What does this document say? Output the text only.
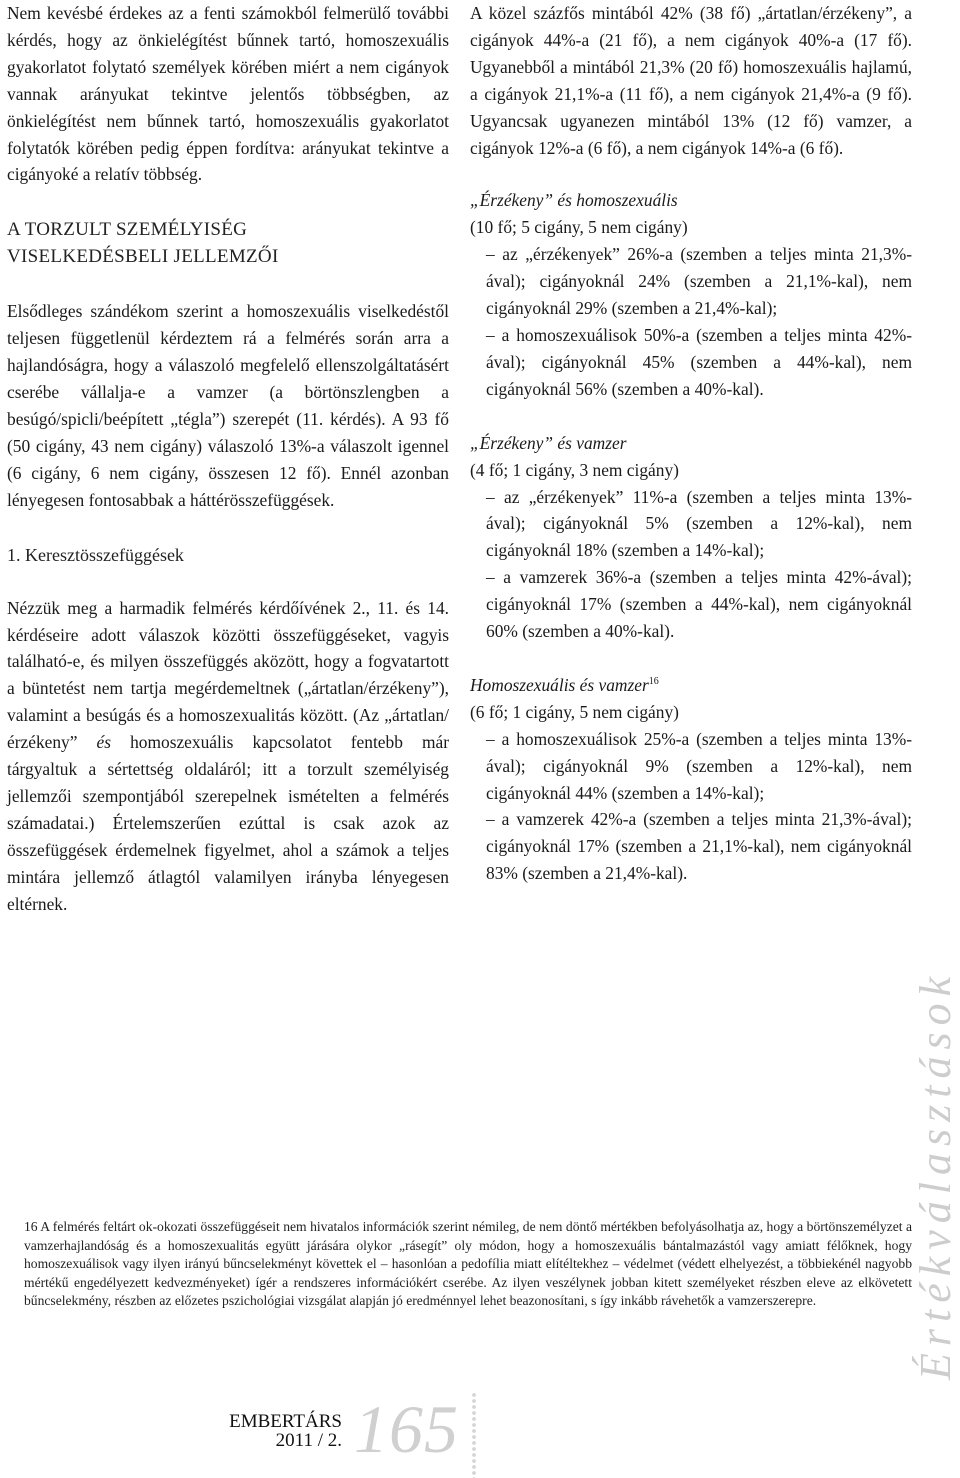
Nem kevésbé érdekes az a fenti számokból felmerülő további kérdés, hogy az önkielégítést bűnnek tartó, homoszexuális gyakorlatot folytató személyek körében miért a nem cigányok vannak arányukat tekintve jelentős többségben, az önkielégítést nem bűnnek tartó, homoszexuális gyakorlatot folytatók körében pedig éppen fordítva: arányukat tekintve a cigányoké a relatív többség.

A TORZULT SZEMÉLYISÉG

VISELKEDÉSBELI JELLEMZŐI

Elsődleges szándékom szerint a homoszexuális viselkedéstől teljesen függetlenül kérdeztem rá a felmérés során arra a hajlandóságra, hogy a válaszoló megfelelő ellenszolgáltatásért cserébe vállalja-e a vamzer (a börtönszlengben a besúgó/spicli/beépített „tégla”) szerepét (11. kérdés). A 93 fő (50 cigány, 43 nem cigány) válaszoló 13%-a válaszolt igennel (6 cigány, 6 nem cigány, összesen 12 fő). Ennél azonban lényegesen fontosabbak a háttérösszefüggések.

1. Keresztösszefüggések

Nézzük meg a harmadik felmérés kérdőívének 2., 11. és 14. kérdéseire adott válaszok közötti összefüggéseket, vagyis található-e, és milyen összefüggés aközött, hogy a fogvatartott a büntetést nem tartja megérdemeltnek („ártatlan/érzékeny”), valamint a besúgás és a homoszexualitás között. (Az „ártatlan/érzékeny” és homoszexuális kapcsolatot fentebb már tárgyaltuk a sértettség oldaláról; itt a torzult személyiség jellemzői szempontjából szerepelnek ismételten a felmérés számadatai.) Értelemszerűen ezúttal is csak azok az összefüggések érdemelnek figyelmet, ahol a számok a teljes mintára jellemző átlagtól valamilyen irányba lényegesen eltérnek.

A közel százfős mintából 42% (38 fő) „ártatlan/érzékeny”, a cigányok 44%-a (21 fő), a nem cigányok 40%-a (17 fő). Ugyanebből a mintából 21,3% (20 fő) homoszexuális hajlamú, a cigányok 21,1%-a (11 fő), a nem cigányok 21,4%-a (9 fő). Ugyancsak ugyanezen mintából 13% (12 fő) vamzer, a cigányok 12%-a (6 fő), a nem cigányok 14%-a (6 fő).

„Érzékeny” és homoszexuális

(10 fő; 5 cigány, 5 nem cigány)

– az „érzékenyek” 26%-a (szemben a teljes minta 21,3%-ával); cigányoknál 24% (szemben a 21,1%-kal), nem cigányoknál 29% (szemben a 21,4%-kal);
– a homoszexuálisok 50%-a (szemben a teljes minta 42%-ával); cigányoknál 45% (szemben a 44%-kal), nem cigányoknál 56% (szemben a 40%-kal).

„Érzékeny” és vamzer

(4 fő; 1 cigány, 3 nem cigány)

– az „érzékenyek” 11%-a (szemben a teljes minta 13%-ával); cigányoknál 5% (szemben a 12%-kal), nem cigányoknál 18% (szemben a 14%-kal);
– a vamzerek 36%-a (szemben a teljes minta 42%-ával); cigányoknál 17% (szemben a 44%-kal), nem cigányoknál 60% (szemben a 40%-kal).

Homoszexuális és vamzer$^{16}$

(6 fő; 1 cigány, 5 nem cigány)

– a homoszexuálisok 25%-a (szemben a teljes minta 13%-ával); cigányoknál 9% (szemben a 12%-kal), nem cigányoknál 44% (szemben a 14%-kal);
– a vamzerek 42%-a (szemben a teljes minta 21,3%-ával); cigányoknál 17% (szemben a 21,1%-kal), nem cigányoknál 83% (szemben a 21,4%-kal).

16 A felmérés feltárt ok-okozati összefüggéseit nem hivatalos információk szerint némileg, de nem döntő mértékben befolyásolhatja az, hogy a börtönszemélyzet a vamzerhajlandóság és a homoszexualitás együtt járására olykor „rásegít” oly módon, hogy a homoszexuális bántalmazástól vagy amiatt félőknek, hogy homoszexuálisok vagy ilyen irányú bűncselekményt követtek el – hasonlóan a pedofília miatt elítéltekhez – védelmet (védett elhelyezést, a többiekénél nagyobb mértékű engedélyezett kedvezményeket) ígér a rendszeres információkért cserébe. Az ilyen veszélynek jobban kitett személyeket részben eleve az elkövetett bűncselekmény, részben az előzetes pszichológiai vizsgálat alapján jó eredménnyel lehet beazonosítani, s így inkább rávehetők a vamzerszerepre.	Értékválasztások
EMBERTÁRS
2011 / 2. 165
